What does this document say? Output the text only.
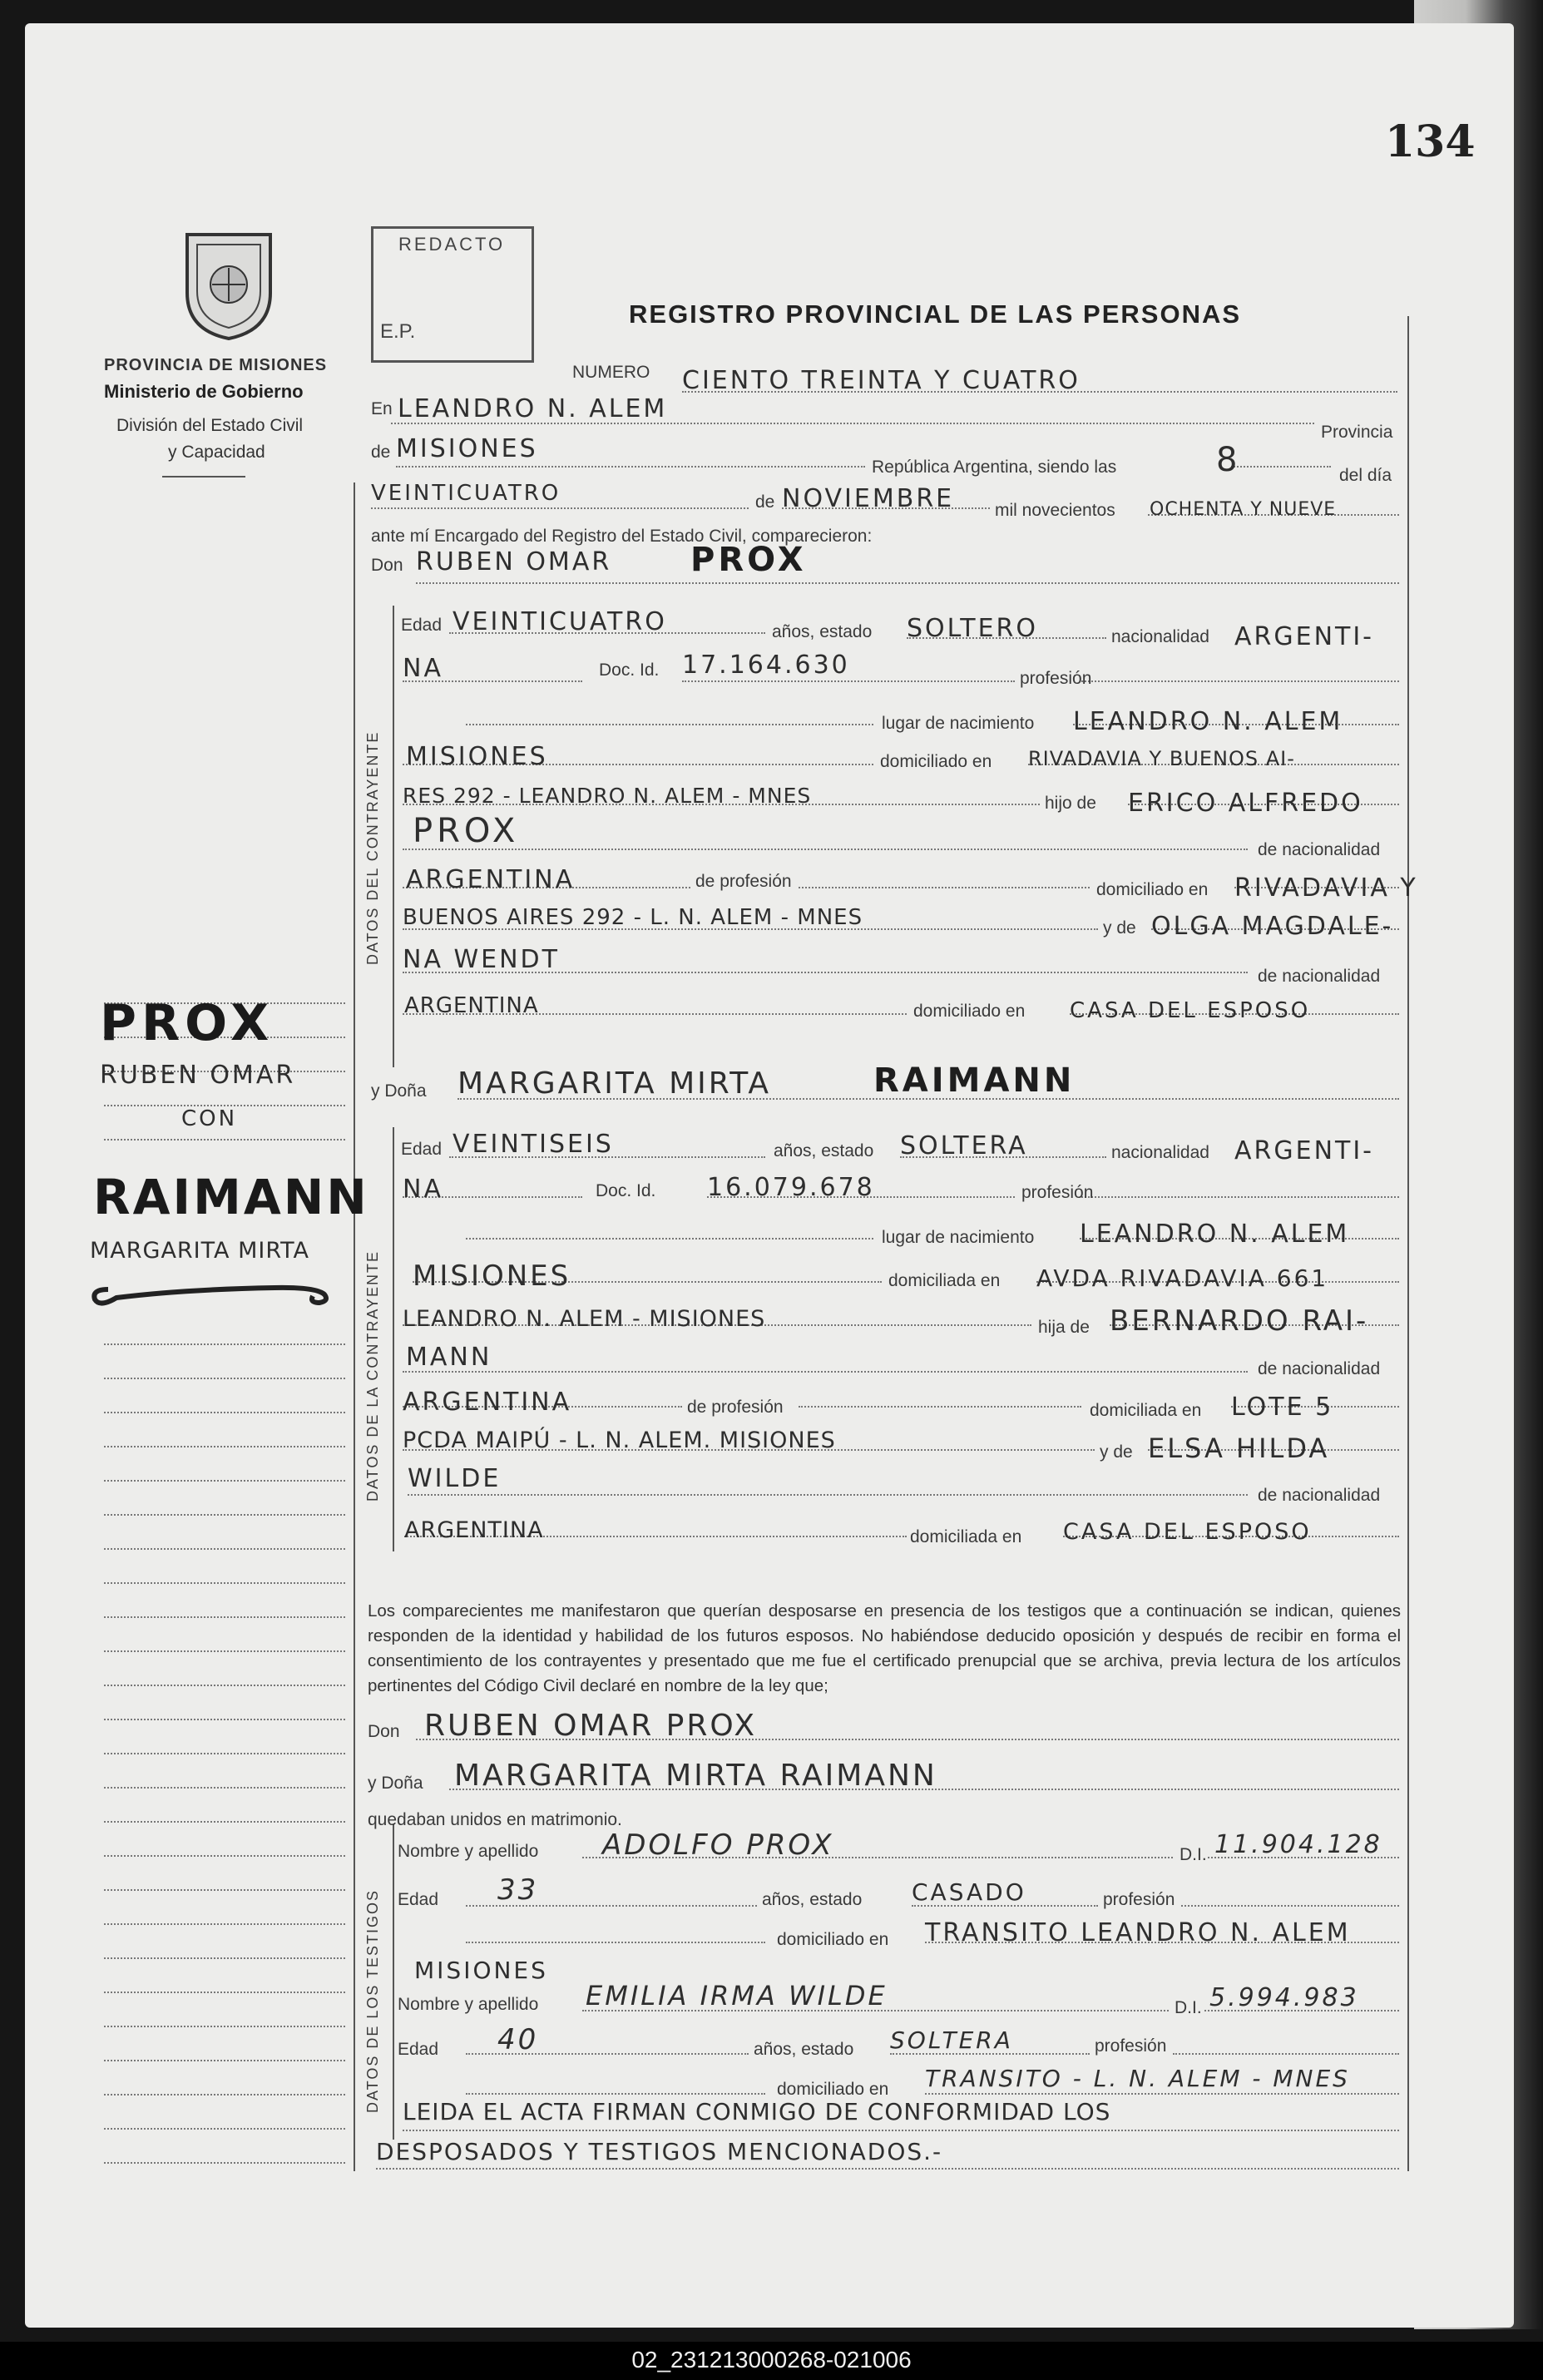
134
PROVINCIA DE MISIONES
Ministerio de Gobierno
División del Estado Civil
y Capacidad
REDACTO
E.P.
REGISTRO PROVINCIAL DE LAS PERSONAS
PROX
RUBEN OMAR
CON
RAIMANN
MARGARITA MIRTA
DATOS DEL CONTRAYENTE
DATOS DE LA CONTRAYENTE
DATOS DE LOS TESTIGOS
NUMERO CIENTO TREINTA Y CUATRO
En LEANDRO N. ALEM
Provincia
de MISIONES
República Argentina, siendo las	8	del día
VEINTICUATRO	de NOVIEMBRE mil novecientos OCHENTA Y NUEVE
ante mí Encargado del Registro del Estado Civil, comparecieron:
Don RUBEN OMAR PROX
Edad VEINTICUATRO	años, estado SOLTERO	nacionalidad ARGENTI-
NA	Doc. Id. 17.164.630	profesión
lugar de nacimiento LEANDRO N. ALEM
MISIONES	domiciliado en RIVADAVIA Y BUENOS AI-
RES 292 - LEANDRO N. ALEM - MNES	hijo de ERICO ALFREDO
PROX	de nacionalidad
ARGENTINA	de profesión	domiciliado en RIVADAVIA Y
BUENOS AIRES 292 - L. N. ALEM - MNES	y de OLGA MAGDALE-
NA WENDT
de nacionalidad
ARGENTINA	domiciliado en CASA DEL ESPOSO
y Doña MARGARITA MIRTA	RAIMANN
Edad VEINTISEIS	años, estado SOLTERA	nacionalidad ARGENTI-
NA	Doc. Id. 16.079.678	profesión
lugar de nacimiento LEANDRO N. ALEM
MISIONES	domiciliada en AVDA RIVADAVIA 661
LEANDRO N. ALEM - MISIONES	hija de BERNARDO RAI-
MANN	de nacionalidad
ARGENTINA	de profesión	domiciliada en LOTE 5
PCDA MAIPÚ - L. N. ALEM. MISIONES	y de ELSA HILDA
WILDE
de nacionalidad
ARGENTINA	domiciliada en CASA DEL ESPOSO
Los comparecientes me manifestaron que querían desposarse en presencia de los testigos que a continuación se indican, quienes responden de la identidad y habilidad de los futuros esposos. No habiéndose deducido oposición y después de recibir en forma el consentimiento de los contrayentes y presentado que me fue el certificado prenupcial que se archiva, previa lectura de los artículos pertinentes del Código Civil declaré en nombre de la ley que;
Don RUBEN OMAR PROX
y Doña MARGARITA MIRTA RAIMANN
quedaban unidos en matrimonio.
Nombre y apellido ADOLFO PROX	D.I. 11.904.128
Edad 33	años, estado CASADO	profesión
domiciliado en TRANSITO LEANDRO N. ALEM
MISIONES
Nombre y apellido EMILIA IRMA WILDE	D.I. 5.994.983
Edad 40	años, estado SOLTERA	profesión
domiciliado en TRANSITO - L. N. ALEM - MNES
LEIDA EL ACTA FIRMAN CONMIGO DE CONFORMIDAD LOS
DESPOSADOS Y TESTIGOS MENCIONADOS.-
02_231213000268-021006
